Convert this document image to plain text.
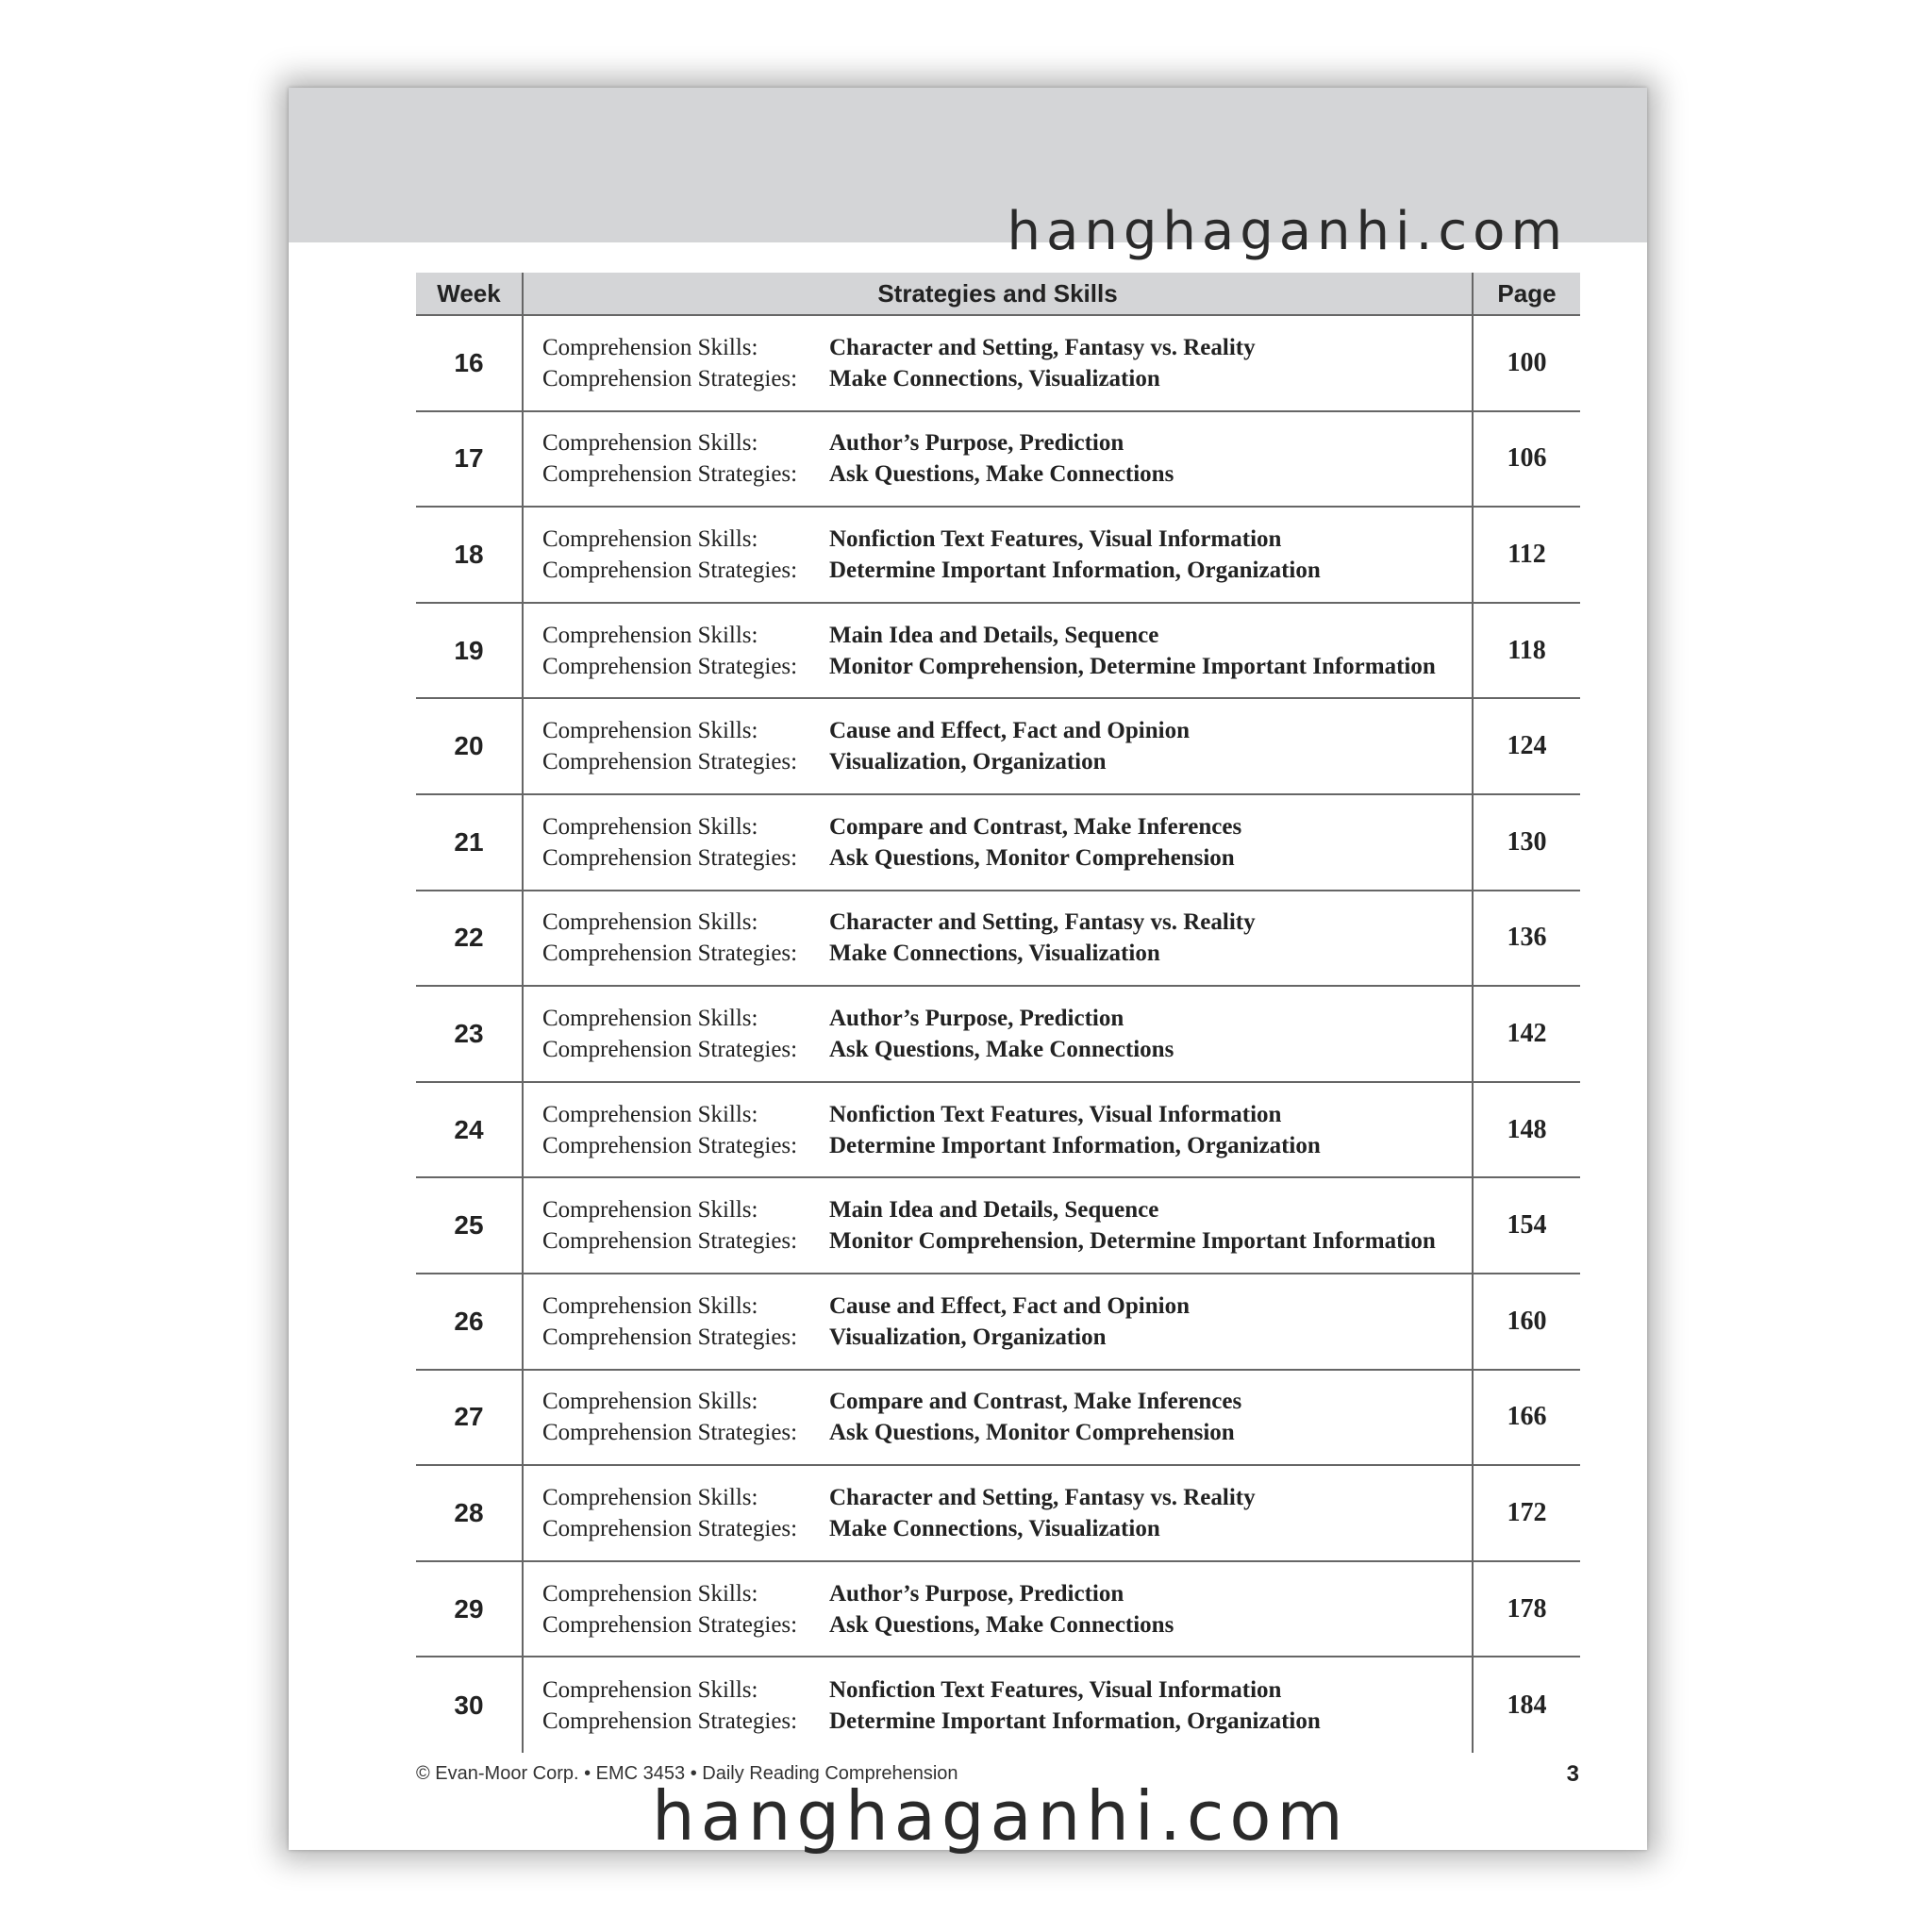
hanghaganhi.com
Week	Strategies and Skills	Page
16	Comprehension Skills: Character and Setting, Fantasy vs. Reality
Comprehension Strategies: Make Connections, Visualization	100
17	Comprehension Skills: Author’s Purpose, Prediction
Comprehension Strategies: Ask Questions, Make Connections	106
18	Comprehension Skills: Nonfiction Text Features, Visual Information
Comprehension Strategies: Determine Important Information, Organization	112
19	Comprehension Skills: Main Idea and Details, Sequence
Comprehension Strategies: Monitor Comprehension, Determine Important Information	118
20	Comprehension Skills: Cause and Effect, Fact and Opinion
Comprehension Strategies: Visualization, Organization	124
21	Comprehension Skills: Compare and Contrast, Make Inferences
Comprehension Strategies: Ask Questions, Monitor Comprehension	130
22	Comprehension Skills: Character and Setting, Fantasy vs. Reality
Comprehension Strategies: Make Connections, Visualization	136
23	Comprehension Skills: Author’s Purpose, Prediction
Comprehension Strategies: Ask Questions, Make Connections	142
24	Comprehension Skills: Nonfiction Text Features, Visual Information
Comprehension Strategies: Determine Important Information, Organization	148
25	Comprehension Skills: Main Idea and Details, Sequence
Comprehension Strategies: Monitor Comprehension, Determine Important Information	154
26	Comprehension Skills: Cause and Effect, Fact and Opinion
Comprehension Strategies: Visualization, Organization	160
27	Comprehension Skills: Compare and Contrast, Make Inferences
Comprehension Strategies: Ask Questions, Monitor Comprehension	166
28	Comprehension Skills: Character and Setting, Fantasy vs. Reality
Comprehension Strategies: Make Connections, Visualization	172
29	Comprehension Skills: Author’s Purpose, Prediction
Comprehension Strategies: Ask Questions, Make Connections	178
30	Comprehension Skills: Nonfiction Text Features, Visual Information
Comprehension Strategies: Determine Important Information, Organization	184
© Evan-Moor Corp. • EMC 3453 • Daily Reading Comprehension	3
hanghaganhi.com
